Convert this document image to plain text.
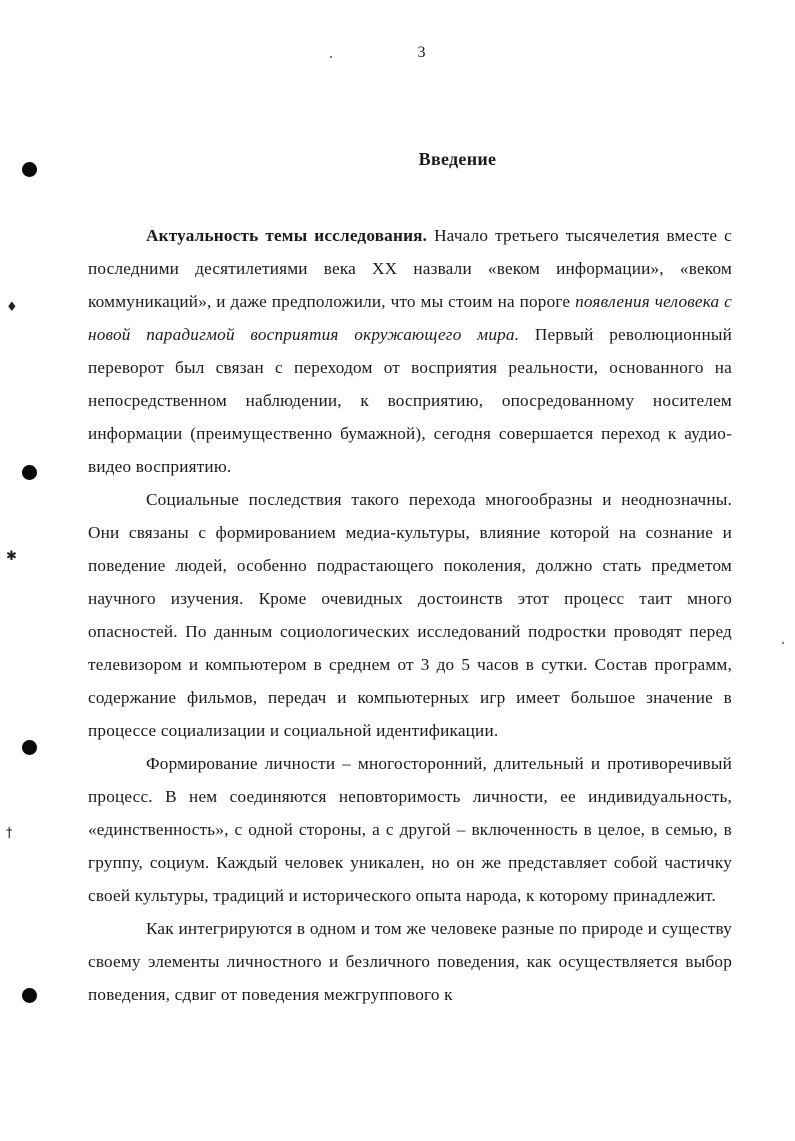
♦
✱
†
3
Введение

Актуальность темы исследования. Начало третьего тысячелетия вместе с последними десятилетиями века XX назвали «веком информации», «веком коммуникаций», и даже предположили, что мы стоим на пороге появления человека с новой парадигмой восприятия окружающего мира. Первый революционный переворот был связан с переходом от восприятия реальности, основанного на непосредственном наблюдении, к восприятию, опосредованному носителем информации (преимущественно бумажной), сегодня совершается переход к аудио-видео восприятию.

Социальные последствия такого перехода многообразны и неоднозначны. Они связаны с формированием медиа-культуры, влияние которой на сознание и поведение людей, особенно подрастающего поколения, должно стать предметом научного изучения. Кроме очевидных достоинств этот процесс таит много опасностей. По данным социологических исследований подростки проводят перед телевизором и компьютером в среднем от 3 до 5 часов в сутки. Состав программ, содержание фильмов, передач и компьютерных игр имеет большое значение в процессе социализации и социальной идентификации.

Формирование личности – многосторонний, длительный и противоречивый процесс. В нем соединяются неповторимость личности, ее индивидуальность, «единственность», с одной стороны, а с другой – включенность в целое, в семью, в группу, социум. Каждый человек уникален, но он же представляет собой частичку своей культуры, традиций и исторического опыта народа, к которому принадлежит.

Как интегрируются в одном и том же человеке разные по природе и существу своему элементы личностного и безличного поведения, как осуществляется выбор поведения, сдвиг от поведения межгруппового к
